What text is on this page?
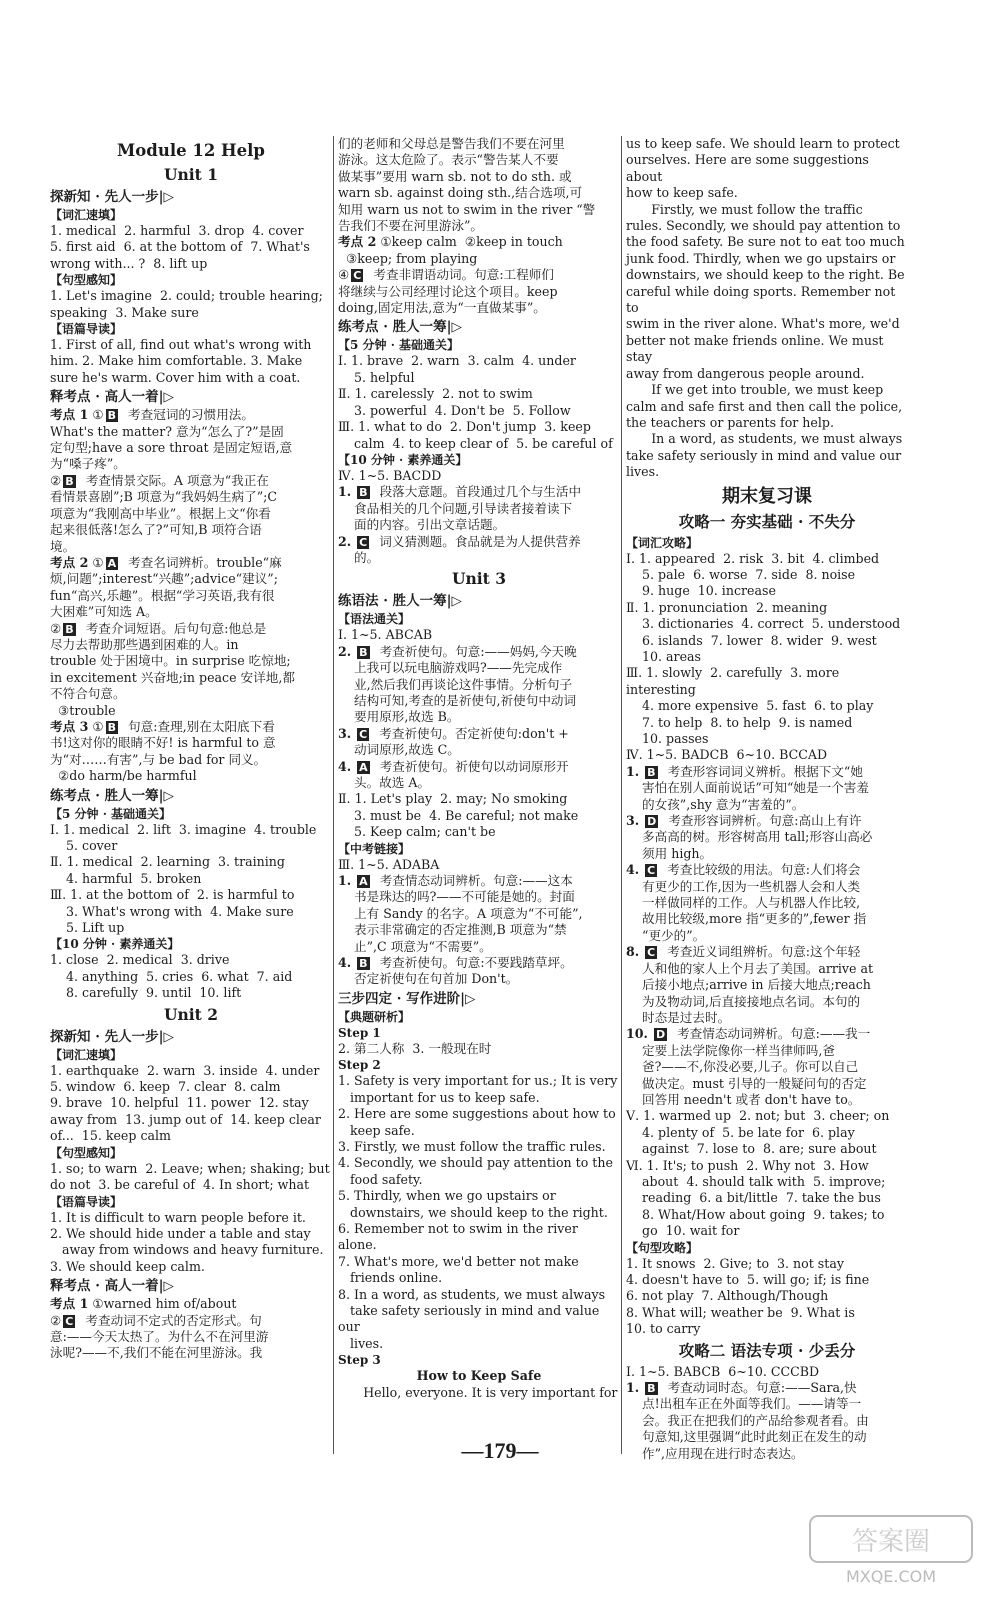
Module 12 Help
Unit 1
探新知 · 先人一步|▷
【词汇速填】
1. medical  2. harmful  3. drop  4. cover
5. first aid  6. at the bottom of  7. What's
wrong with... ?  8. lift up
【句型感知】
1. Let's imagine  2. could; trouble hearing;
speaking  3. Make sure
【语篇导读】
1. First of all, find out what's wrong with
him. 2. Make him comfortable. 3. Make
sure he's warm. Cover him with a coat.
释考点 · 高人一着|▷
考点 1 ① B  考查冠词的习惯用法。
What's the matter? 意为“怎么了?”是固
定句型;have a sore throat 是固定短语,意
为“嗓子疼”。
② B  考查情景交际。A 项意为“我正在
看情景喜剧”;B 项意为“我妈妈生病了”;C
项意为“我刚高中毕业”。根据上文“你看
起来很低落!怎么了?”可知,B 项符合语
境。
考点 2 ① A  考查名词辨析。trouble“麻
烦,问题”;interest“兴趣”;advice“建议”;
fun“高兴,乐趣”。根据“学习英语,我有很
大困难”可知选 A。
② B  考查介词短语。后句句意:他总是
尽力去帮助那些遇到困难的人。in
trouble 处于困境中。in surprise 吃惊地;
in excitement 兴奋地;in peace 安详地,都
不符合句意。
③trouble
考点 3 ① B  句意:查理,别在太阳底下看
书!这对你的眼睛不好! is harmful to 意
为“对……有害”,与 be bad for 同义。
②do harm/be harmful
练考点 · 胜人一筹|▷
【5 分钟 · 基础通关】
Ⅰ. 1. medical  2. lift  3. imagine  4. trouble
5. cover
Ⅱ. 1. medical  2. learning  3. training
4. harmful  5. broken
Ⅲ. 1. at the bottom of  2. is harmful to
3. What's wrong with  4. Make sure
5. Lift up
【10 分钟 · 素养通关】
1. close  2. medical  3. drive
4. anything  5. cries  6. what  7. aid
8. carefully  9. until  10. lift
Unit 2
探新知 · 先人一步|▷
【词汇速填】
1. earthquake  2. warn  3. inside  4. under
5. window  6. keep  7. clear  8. calm
9. brave  10. helpful  11. power  12. stay
away from  13. jump out of  14. keep clear
of...  15. keep calm
【句型感知】
1. so; to warn  2. Leave; when; shaking; but
do not  3. be careful of  4. In short; what
【语篇导读】
1. It is difficult to warn people before it.
2. We should hide under a table and stay
away from windows and heavy furniture.
3. We should keep calm.
释考点 · 高人一着|▷
考点 1 ①warned him of/about
② C  考查动词不定式的否定形式。句
意:——今天太热了。为什么不在河里游
泳呢?——不,我们不能在河里游泳。我
们的老师和父母总是警告我们不要在河里
游泳。这太危险了。表示“警告某人不要
做某事”要用 warn sb. not to do sth. 或
warn sb. against doing sth.,结合选项,可
知用 warn us not to swim in the river “警
告我们不要在河里游泳”。
考点 2 ①keep calm  ②keep in touch
③keep; from playing
④ C  考查非谓语动词。句意:工程师们
将继续与公司经理讨论这个项目。keep
doing,固定用法,意为“一直做某事”。
练考点 · 胜人一筹|▷
【5 分钟 · 基础通关】
Ⅰ. 1. brave  2. warn  3. calm  4. under
5. helpful
Ⅱ. 1. carelessly  2. not to swim
3. powerful  4. Don't be  5. Follow
Ⅲ. 1. what to do  2. Don't jump  3. keep
calm  4. to keep clear of  5. be careful of
【10 分钟 · 素养通关】
Ⅳ. 1~5. BACDD
1. B  段落大意题。首段通过几个与生活中
食品相关的几个问题,引导读者接着读下
面的内容。引出文章话题。
2. C  词义猜测题。食品就是为人提供营养
的。
Unit 3
练语法 · 胜人一筹|▷
【语法通关】
Ⅰ. 1~5. ABCAB
2. B  考查祈使句。句意:——妈妈,今天晚
上我可以玩电脑游戏吗?——先完成作
业,然后我们再谈论这件事情。分析句子
结构可知,考查的是祈使句,祈使句中动词
要用原形,故选 B。
3. C  考查祈使句。否定祈使句:don't +
动词原形,故选 C。
4. A  考查祈使句。祈使句以动词原形开
头。故选 A。
Ⅱ. 1. Let's play  2. may; No smoking
3. must be  4. Be careful; not make
5. Keep calm; can't be
【中考链接】
Ⅲ. 1~5. ADABA
1. A  考查情态动词辨析。句意:——这本
书是珠达的吗?——不可能是她的。封面
上有 Sandy 的名字。A 项意为“不可能”,
表示非常确定的否定推测,B 项意为“禁
止”,C 项意为“不需要”。
4. B  考查祈使句。句意:不要践踏草坪。
否定祈使句在句首加 Don't。
三步四定 · 写作进阶|▷
【典题研析】
Step 1
2. 第二人称  3. 一般现在时
Step 2
1. Safety is very important for us.; It is very
important for us to keep safe.
2. Here are some suggestions about how to
keep safe.
3. Firstly, we must follow the traffic rules.
4. Secondly, we should pay attention to the
food safety.
5. Thirdly, when we go upstairs or
downstairs, we should keep to the right.
6. Remember not to swim in the river alone.
7. What's more, we'd better not make
friends online.
8. In a word, as students, we must always
take safety seriously in mind and value our
lives.
Step 3
How to Keep Safe
Hello, everyone. It is very important for
us to keep safe. We should learn to protect
ourselves. Here are some suggestions about
how to keep safe.
Firstly, we must follow the traffic
rules. Secondly, we should pay attention to
the food safety. Be sure not to eat too much
junk food. Thirdly, when we go upstairs or
downstairs, we should keep to the right. Be
careful while doing sports. Remember not to
swim in the river alone. What's more, we'd
better not make friends online. We must stay
away from dangerous people around.
If we get into trouble, we must keep
calm and safe first and then call the police,
the teachers or parents for help.
In a word, as students, we must always
take safety seriously in mind and value our
lives.
期末复习课
攻略一 夯实基础 · 不失分
【词汇攻略】
Ⅰ. 1. appeared  2. risk  3. bit  4. climbed
5. pale  6. worse  7. side  8. noise
9. huge  10. increase
Ⅱ. 1. pronunciation  2. meaning
3. dictionaries  4. correct  5. understood
6. islands  7. lower  8. wider  9. west
10. areas
Ⅲ. 1. slowly  2. carefully  3. more interesting
4. more expensive  5. fast  6. to play
7. to help  8. to help  9. is named
10. passes
Ⅳ. 1~5. BADCB  6~10. BCCAD
1. B  考查形容词词义辨析。根据下文“她
害怕在别人面前说话”可知“她是一个害羞
的女孩”,shy 意为“害羞的”。
3. D  考查形容词辨析。句意:高山上有许
多高高的树。形容树高用 tall;形容山高必
须用 high。
4. C  考查比较级的用法。句意:人们将会
有更少的工作,因为一些机器人会和人类
一样做同样的工作。人与机器人作比较,
故用比较级,more 指“更多的”,fewer 指
“更少的”。
8. C  考查近义词组辨析。句意:这个年轻
人和他的家人上个月去了美国。arrive at
后接小地点;arrive in 后接大地点;reach
为及物动词,后直接接地点名词。本句的
时态是过去时。
10. D  考查情态动词辨析。句意:——我一
定要上法学院像你一样当律师吗,爸
爸?——不,你没必要,儿子。你可以自己
做决定。must 引导的一般疑问句的否定
回答用 needn't 或者 don't have to。
Ⅴ. 1. warmed up  2. not; but  3. cheer; on
4. plenty of  5. be late for  6. play
against  7. lose to  8. are; sure about
Ⅵ. 1. It's; to push  2. Why not  3. How
about  4. should talk with  5. improve;
reading  6. a bit/little  7. take the bus
8. What/How about going  9. takes; to
go  10. wait for
【句型攻略】
1. It snows  2. Give; to  3. not stay
4. doesn't have to  5. will go; if; is fine
6. not play  7. Although/Though
8. What will; weather be  9. What is
10. to carry
攻略二 语法专项 · 少丢分
Ⅰ. 1~5. BABCB  6~10. CCCBD
1. B  考查动词时态。句意:——Sara,快
点!出租车正在外面等我们。——请等一
会。我正在把我们的产品给参观者看。由
句意知,这里强调“此时此刻正在发生的动
作”,应用现在进行时态表达。
—179—
答案圈
MXQE.COM
